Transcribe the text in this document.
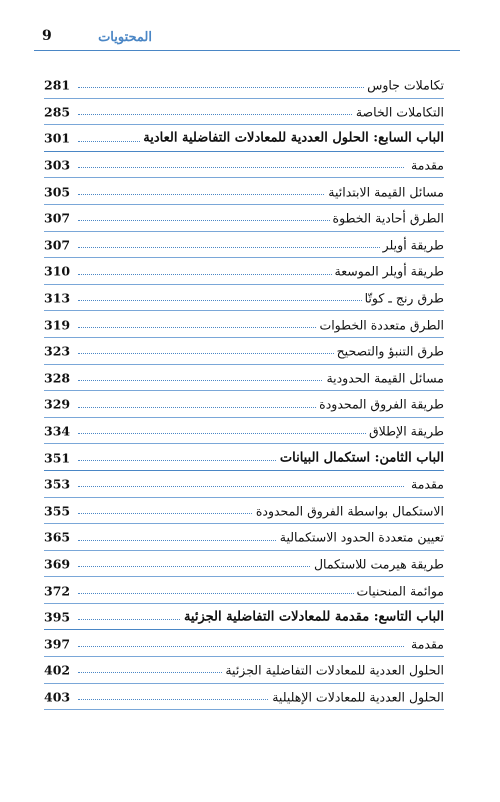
المحتويات
9
تكاملات جاوس
281
التكاملات الخاصة
285
الباب السابع: الحلول العددية للمعادلات التفاضلية العادية
301
مقدمة
303
مسائل القيمة الابتدائية
305
الطرق أحادية الخطوة
307
طريقة أويلر
307
طريقة أويلر الموسعة
310
طرق رنج ـ كوتّا
313
الطرق متعددة الخطوات
319
طرق التنبؤ والتصحيح
323
مسائل القيمة الحدودية
328
طريقة الفروق المحدودة
329
طريقة الإطلاق
334
الباب الثامن: استكمال البيانات
351
مقدمة
353
الاستكمال بواسطة الفروق المحدودة
355
تعيين متعددة الحدود الاستكمالية
365
طريقة هيرمت للاستكمال
369
موائمة المنحنيات
372
الباب التاسع: مقدمة للمعادلات التفاضلية الجزئية
395
مقدمة
397
الحلول العددية للمعادلات التفاضلية الجزئية
402
الحلول العددية للمعادلات الإهليلية
403
